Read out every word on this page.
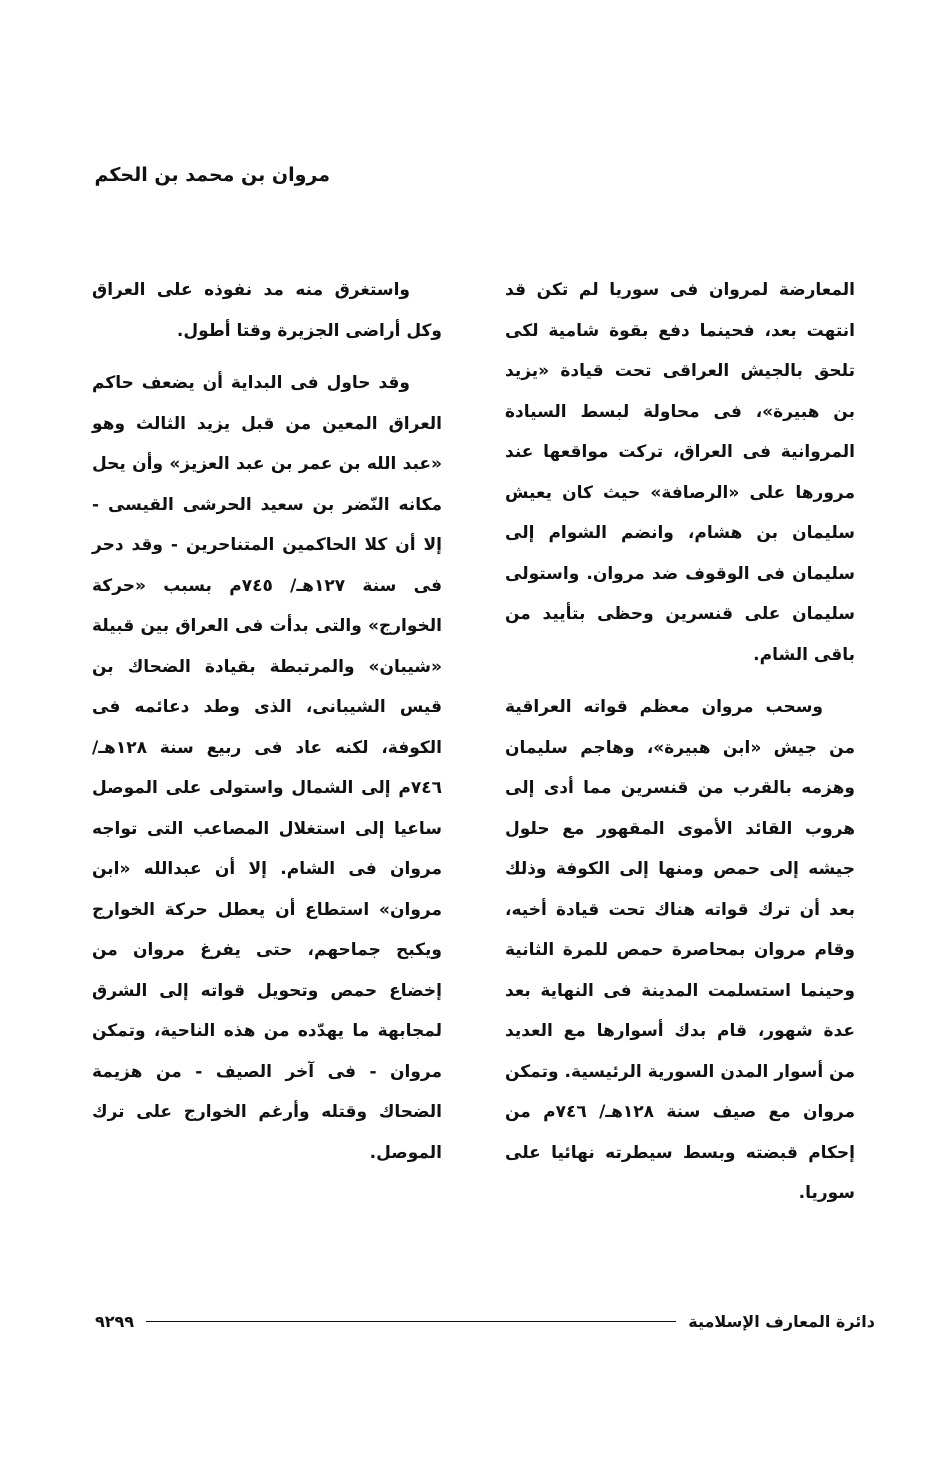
مروان بن محمد بن الحكم

المعارضة لمروان فى سوريا لم تكن قد انتهت بعد، فحينما دفع بقوة شامية لكى تلحق بالجيش العراقى تحت قيادة «يزيد بن هبيرة»، فى محاولة لبسط السيادة المروانية فى العراق، تركت مواقعها عند مرورها على «الرصافة» حيث كان يعيش سليمان بن هشام، وانضم الشوام إلى سليمان فى الوقوف ضد مروان. واستولى سليمان على قنسرين وحظى بتأييد من باقى الشام.

وسحب مروان معظم قواته العراقية من جيش «ابن هبيرة»، وهاجم سليمان وهزمه بالقرب من قنسرين مما أدى إلى هروب القائد الأموى المقهور مع حلول جيشه إلى حمص ومنها إلى الكوفة وذلك بعد أن ترك قواته هناك تحت قيادة أخيه، وقام مروان بمحاصرة حمص للمرة الثانية وحينما استسلمت المدينة فى النهاية بعد عدة شهور، قام بدك أسوارها مع العديد من أسوار المدن السورية الرئيسية. وتمكن مروان مع صيف سنة ١٢٨هـ/ ٧٤٦م من إحكام قبضته وبسط سيطرته نهائيا على سوريا.

واستغرق منه مد نفوذه على العراق وكل أراضى الجزيرة وقتا أطول.

وقد حاول فى البداية أن يضعف حاكم العراق المعين من قبل يزيد الثالث وهو «عبد الله بن عمر بن عبد العزيز» وأن يحل مكانه النّضر بن سعيد الحرشى القيسى - إلا أن كلا الحاكمين المتناحرين - وقد دحر فى سنة ١٢٧هـ/ ٧٤٥م بسبب «حركة الخوارج» والتى بدأت فى العراق بين قبيلة «شيبان» والمرتبطة بقيادة الضحاك بن قيس الشيبانى، الذى وطد دعائمه فى الكوفة، لكنه عاد فى ربيع سنة ١٢٨هـ/ ٧٤٦م إلى الشمال واستولى على الموصل ساعيا إلى استغلال المصاعب التى تواجه مروان فى الشام. إلا أن عبدالله «ابن مروان» استطاع أن يعطل حركة الخوارج ويكبح جماحهم، حتى يفرغ مروان من إخضاع حمص وتحويل قواته إلى الشرق لمجابهة ما يهدّده من هذه الناحية، وتمكن مروان - فى آخر الصيف - من هزيمة الضحاك وقتله وأرغم الخوارج على ترك الموصل.

دائرة المعارف الإسلامية
٩٢٩٩
